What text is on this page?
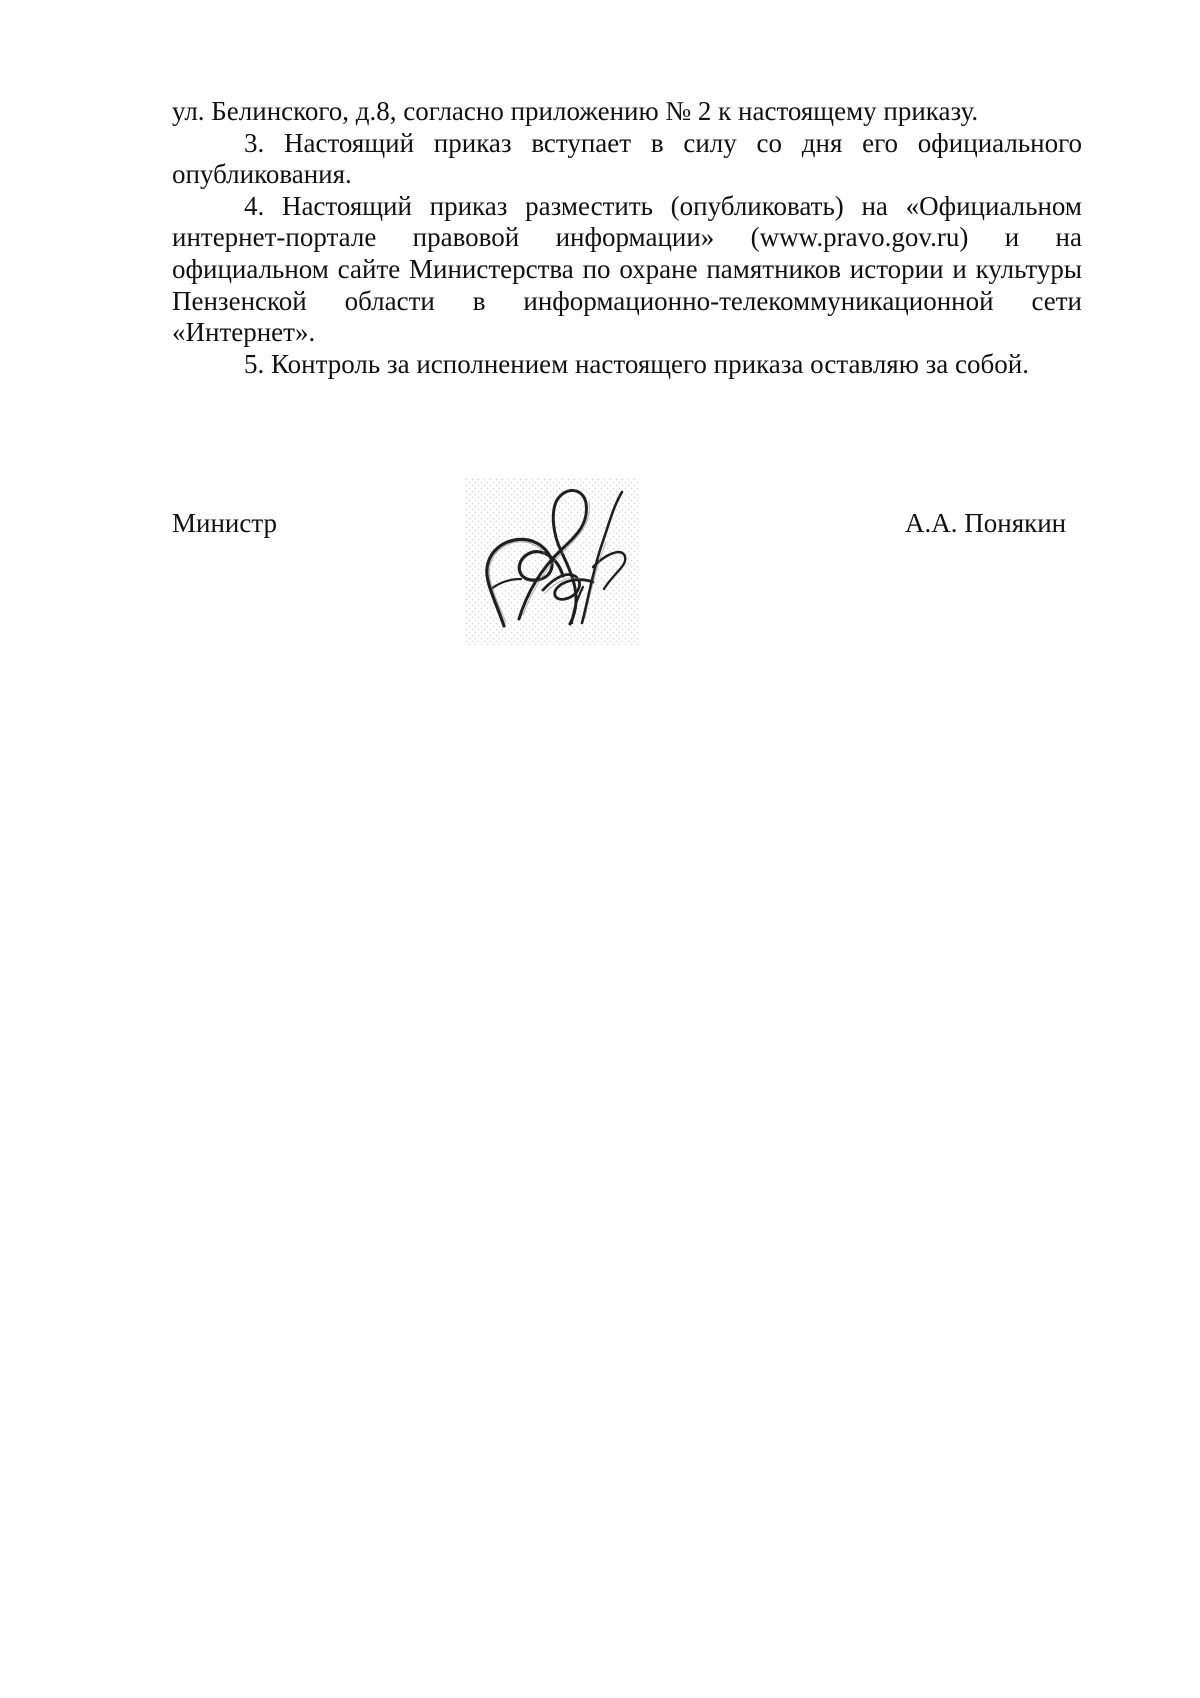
ул. Белинского, д.8, согласно приложению № 2 к настоящему приказу.

3. Настоящий приказ вступает в силу со дня его официального опубликования.

4. Настоящий приказ разместить (опубликовать) на «Официальном интернет-портале правовой информации» (www.pravo.gov.ru) и на официальном сайте Министерства по охране памятников истории и культуры Пензенской области в информационно-телекоммуникационной сети «Интернет».

5. Контроль за исполнением настоящего приказа оставляю за собой.

Министр	А.А. Понякин
